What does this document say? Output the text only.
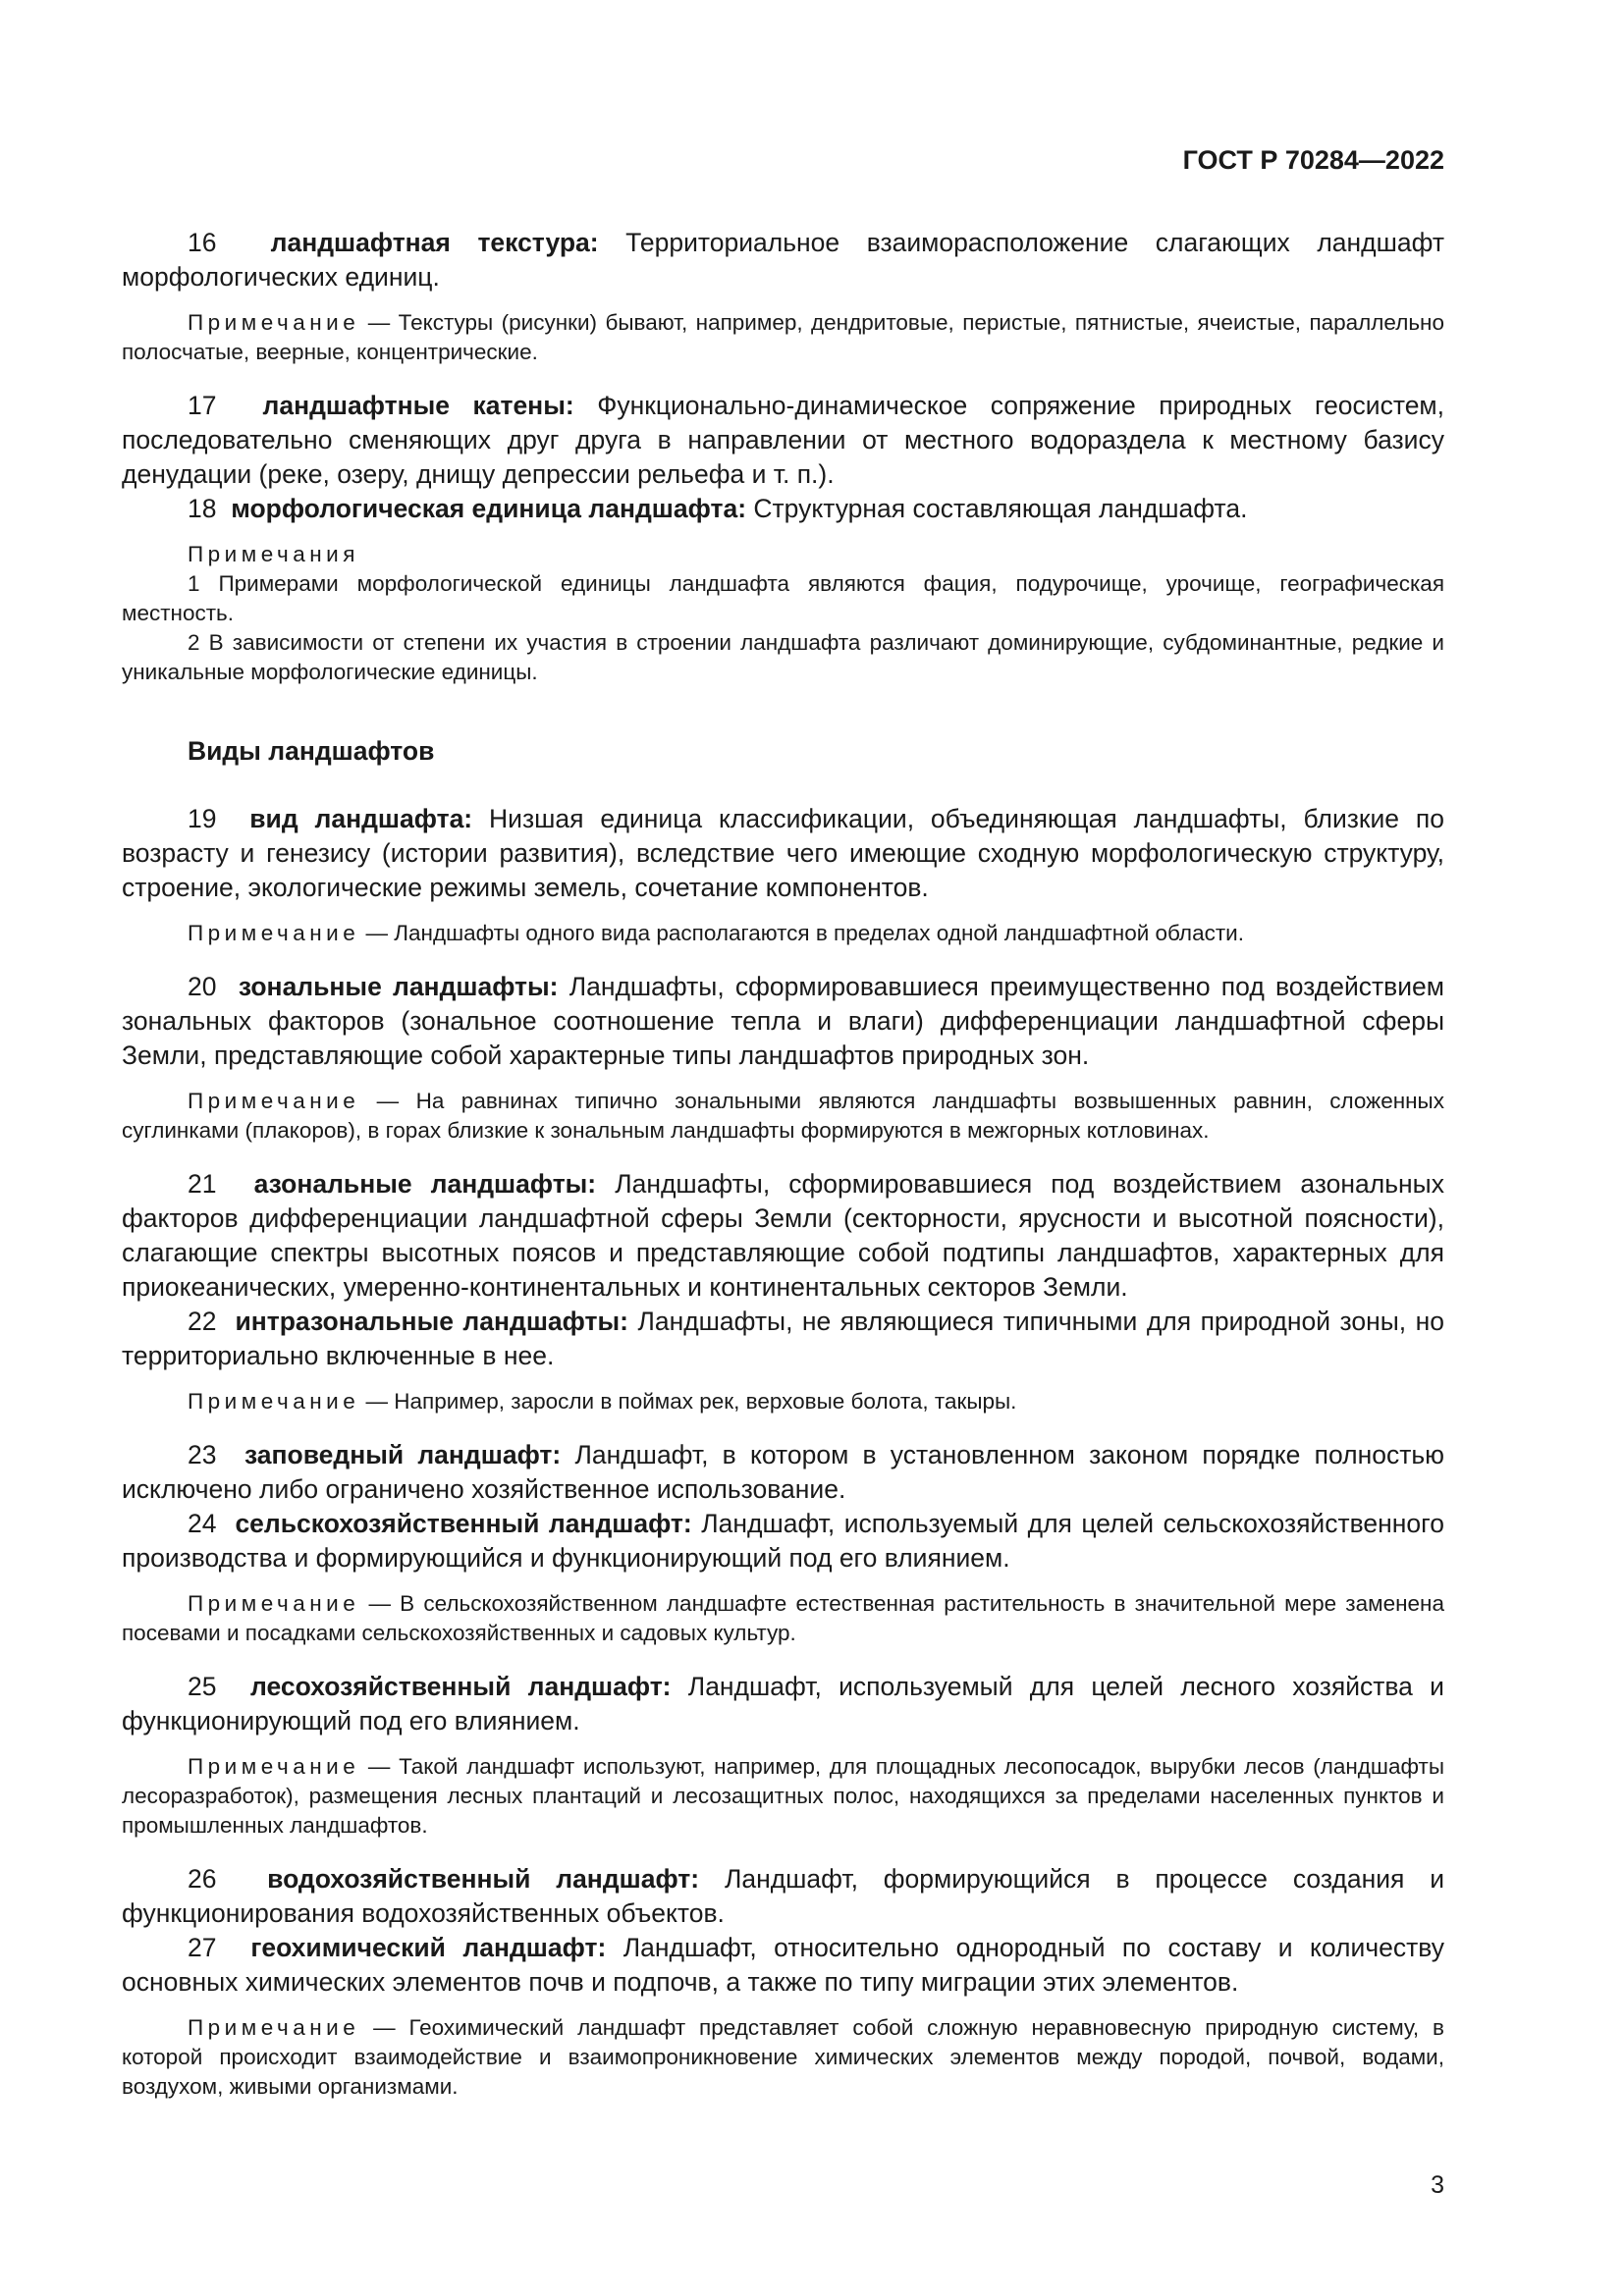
ГОСТ Р 70284—2022

16 ландшафтная текстура: Территориальное взаиморасположение слагающих ландшафт морфологических единиц.

Примечание — Текстуры (рисунки) бывают, например, дендритовые, перистые, пятнистые, ячеистые, параллельно полосчатые, веерные, концентрические.

17 ландшафтные катены: Функционально-динамическое сопряжение природных геосистем, последовательно сменяющих друг друга в направлении от местного водораздела к местному базису денудации (реке, озеру, днищу депрессии рельефа и т. п.).

18 морфологическая единица ландшафта: Структурная составляющая ландшафта.

Примечания

1 Примерами морфологической единицы ландшафта являются фация, подурочище, урочище, географическая местность.

2 В зависимости от степени их участия в строении ландшафта различают доминирующие, субдоминантные, редкие и уникальные морфологические единицы.

Виды ландшафтов

19 вид ландшафта: Низшая единица классификации, объединяющая ландшафты, близкие по возрасту и генезису (истории развития), вследствие чего имеющие сходную морфологическую структуру, строение, экологические режимы земель, сочетание компонентов.

Примечание — Ландшафты одного вида располагаются в пределах одной ландшафтной области.

20 зональные ландшафты: Ландшафты, сформировавшиеся преимущественно под воздействием зональных факторов (зональное соотношение тепла и влаги) дифференциации ландшафтной сферы Земли, представляющие собой характерные типы ландшафтов природных зон.

Примечание — На равнинах типично зональными являются ландшафты возвышенных равнин, сложенных суглинками (плакоров), в горах близкие к зональным ландшафты формируются в межгорных котловинах.

21 азональные ландшафты: Ландшафты, сформировавшиеся под воздействием азональных факторов дифференциации ландшафтной сферы Земли (секторности, ярусности и высотной поясности), слагающие спектры высотных поясов и представляющие собой подтипы ландшафтов, характерных для приокеанических, умеренно-континентальных и континентальных секторов Земли.

22 интразональные ландшафты: Ландшафты, не являющиеся типичными для природной зоны, но территориально включенные в нее.

Примечание — Например, заросли в поймах рек, верховые болота, такыры.

23 заповедный ландшафт: Ландшафт, в котором в установленном законом порядке полностью исключено либо ограничено хозяйственное использование.

24 сельскохозяйственный ландшафт: Ландшафт, используемый для целей сельскохозяйственного производства и формирующийся и функционирующий под его влиянием.

Примечание — В сельскохозяйственном ландшафте естественная растительность в значительной мере заменена посевами и посадками сельскохозяйственных и садовых культур.

25 лесохозяйственный ландшафт: Ландшафт, используемый для целей лесного хозяйства и функционирующий под его влиянием.

Примечание — Такой ландшафт используют, например, для площадных лесопосадок, вырубки лесов (ландшафты лесоразработок), размещения лесных плантаций и лесозащитных полос, находящихся за пределами населенных пунктов и промышленных ландшафтов.

26 водохозяйственный ландшафт: Ландшафт, формирующийся в процессе создания и функционирования водохозяйственных объектов.

27 геохимический ландшафт: Ландшафт, относительно однородный по составу и количеству основных химических элементов почв и подпочв, а также по типу миграции этих элементов.

Примечание — Геохимический ландшафт представляет собой сложную неравновесную природную систему, в которой происходит взаимодействие и взаимопроникновение химических элементов между породой, почвой, водами, воздухом, живыми организмами.

3
